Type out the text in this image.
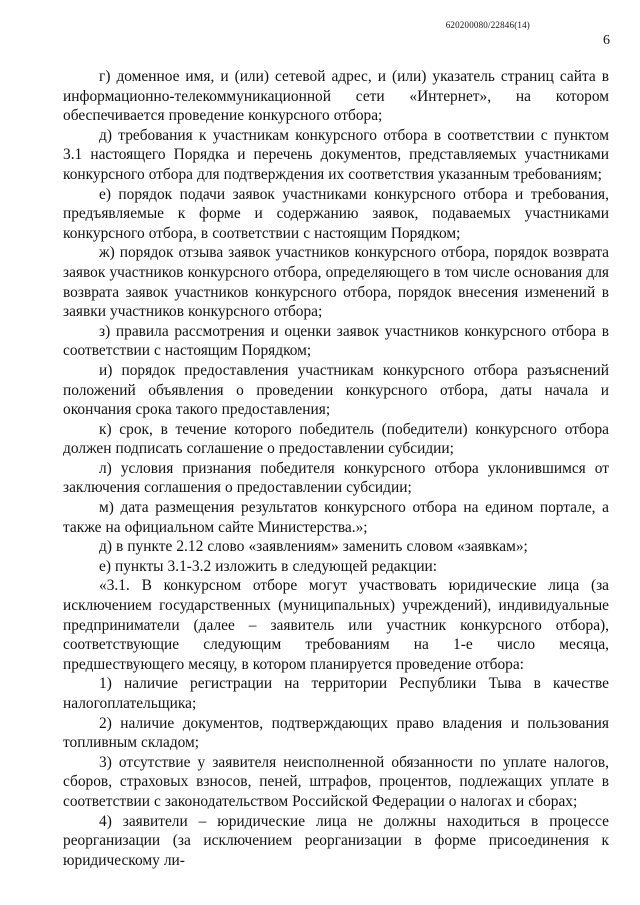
620200080/22846(14)
6

г) доменное имя, и (или) сетевой адрес, и (или) указатель страниц сайта в информационно-телекоммуникационной сети «Интернет», на котором обеспечивается проведение конкурсного отбора;

д) требования к участникам конкурсного отбора в соответствии с пунктом 3.1 настоящего Порядка и перечень документов, представляемых участниками конкурсного отбора для подтверждения их соответствия указанным требованиям;

е) порядок подачи заявок участниками конкурсного отбора и требования, предъявляемые к форме и содержанию заявок, подаваемых участниками конкурсного отбора, в соответствии с настоящим Порядком;

ж) порядок отзыва заявок участников конкурсного отбора, порядок возврата заявок участников конкурсного отбора, определяющего в том числе основания для возврата заявок участников конкурсного отбора, порядок внесения изменений в заявки участников конкурсного отбора;

з) правила рассмотрения и оценки заявок участников конкурсного отбора в соответствии с настоящим Порядком;

и) порядок предоставления участникам конкурсного отбора разъяснений положений объявления о проведении конкурсного отбора, даты начала и окончания срока такого предоставления;

к) срок, в течение которого победитель (победители) конкурсного отбора должен подписать соглашение о предоставлении субсидии;

л) условия признания победителя конкурсного отбора уклонившимся от заключения соглашения о предоставлении субсидии;

м) дата размещения результатов конкурсного отбора на едином портале, а также на официальном сайте Министерства.»;

д) в пункте 2.12 слово «заявлениям» заменить словом «заявкам»;

е) пункты 3.1-3.2 изложить в следующей редакции:

«3.1. В конкурсном отборе могут участвовать юридические лица (за исключением государственных (муниципальных) учреждений), индивидуальные предприниматели (далее – заявитель или участник конкурсного отбора), соответствующие следующим требованиям на 1-е число месяца, предшествующего месяцу, в котором планируется проведение отбора:

1) наличие регистрации на территории Республики Тыва в качестве налогоплательщика;

2) наличие документов, подтверждающих право владения и пользования топливным складом;

3) отсутствие у заявителя неисполненной обязанности по уплате налогов, сборов, страховых взносов, пеней, штрафов, процентов, подлежащих уплате в соответствии с законодательством Российской Федерации о налогах и сборах;

4) заявители – юридические лица не должны находиться в процессе реорганизации (за исключением реорганизации в форме присоединения к юридическому ли-
